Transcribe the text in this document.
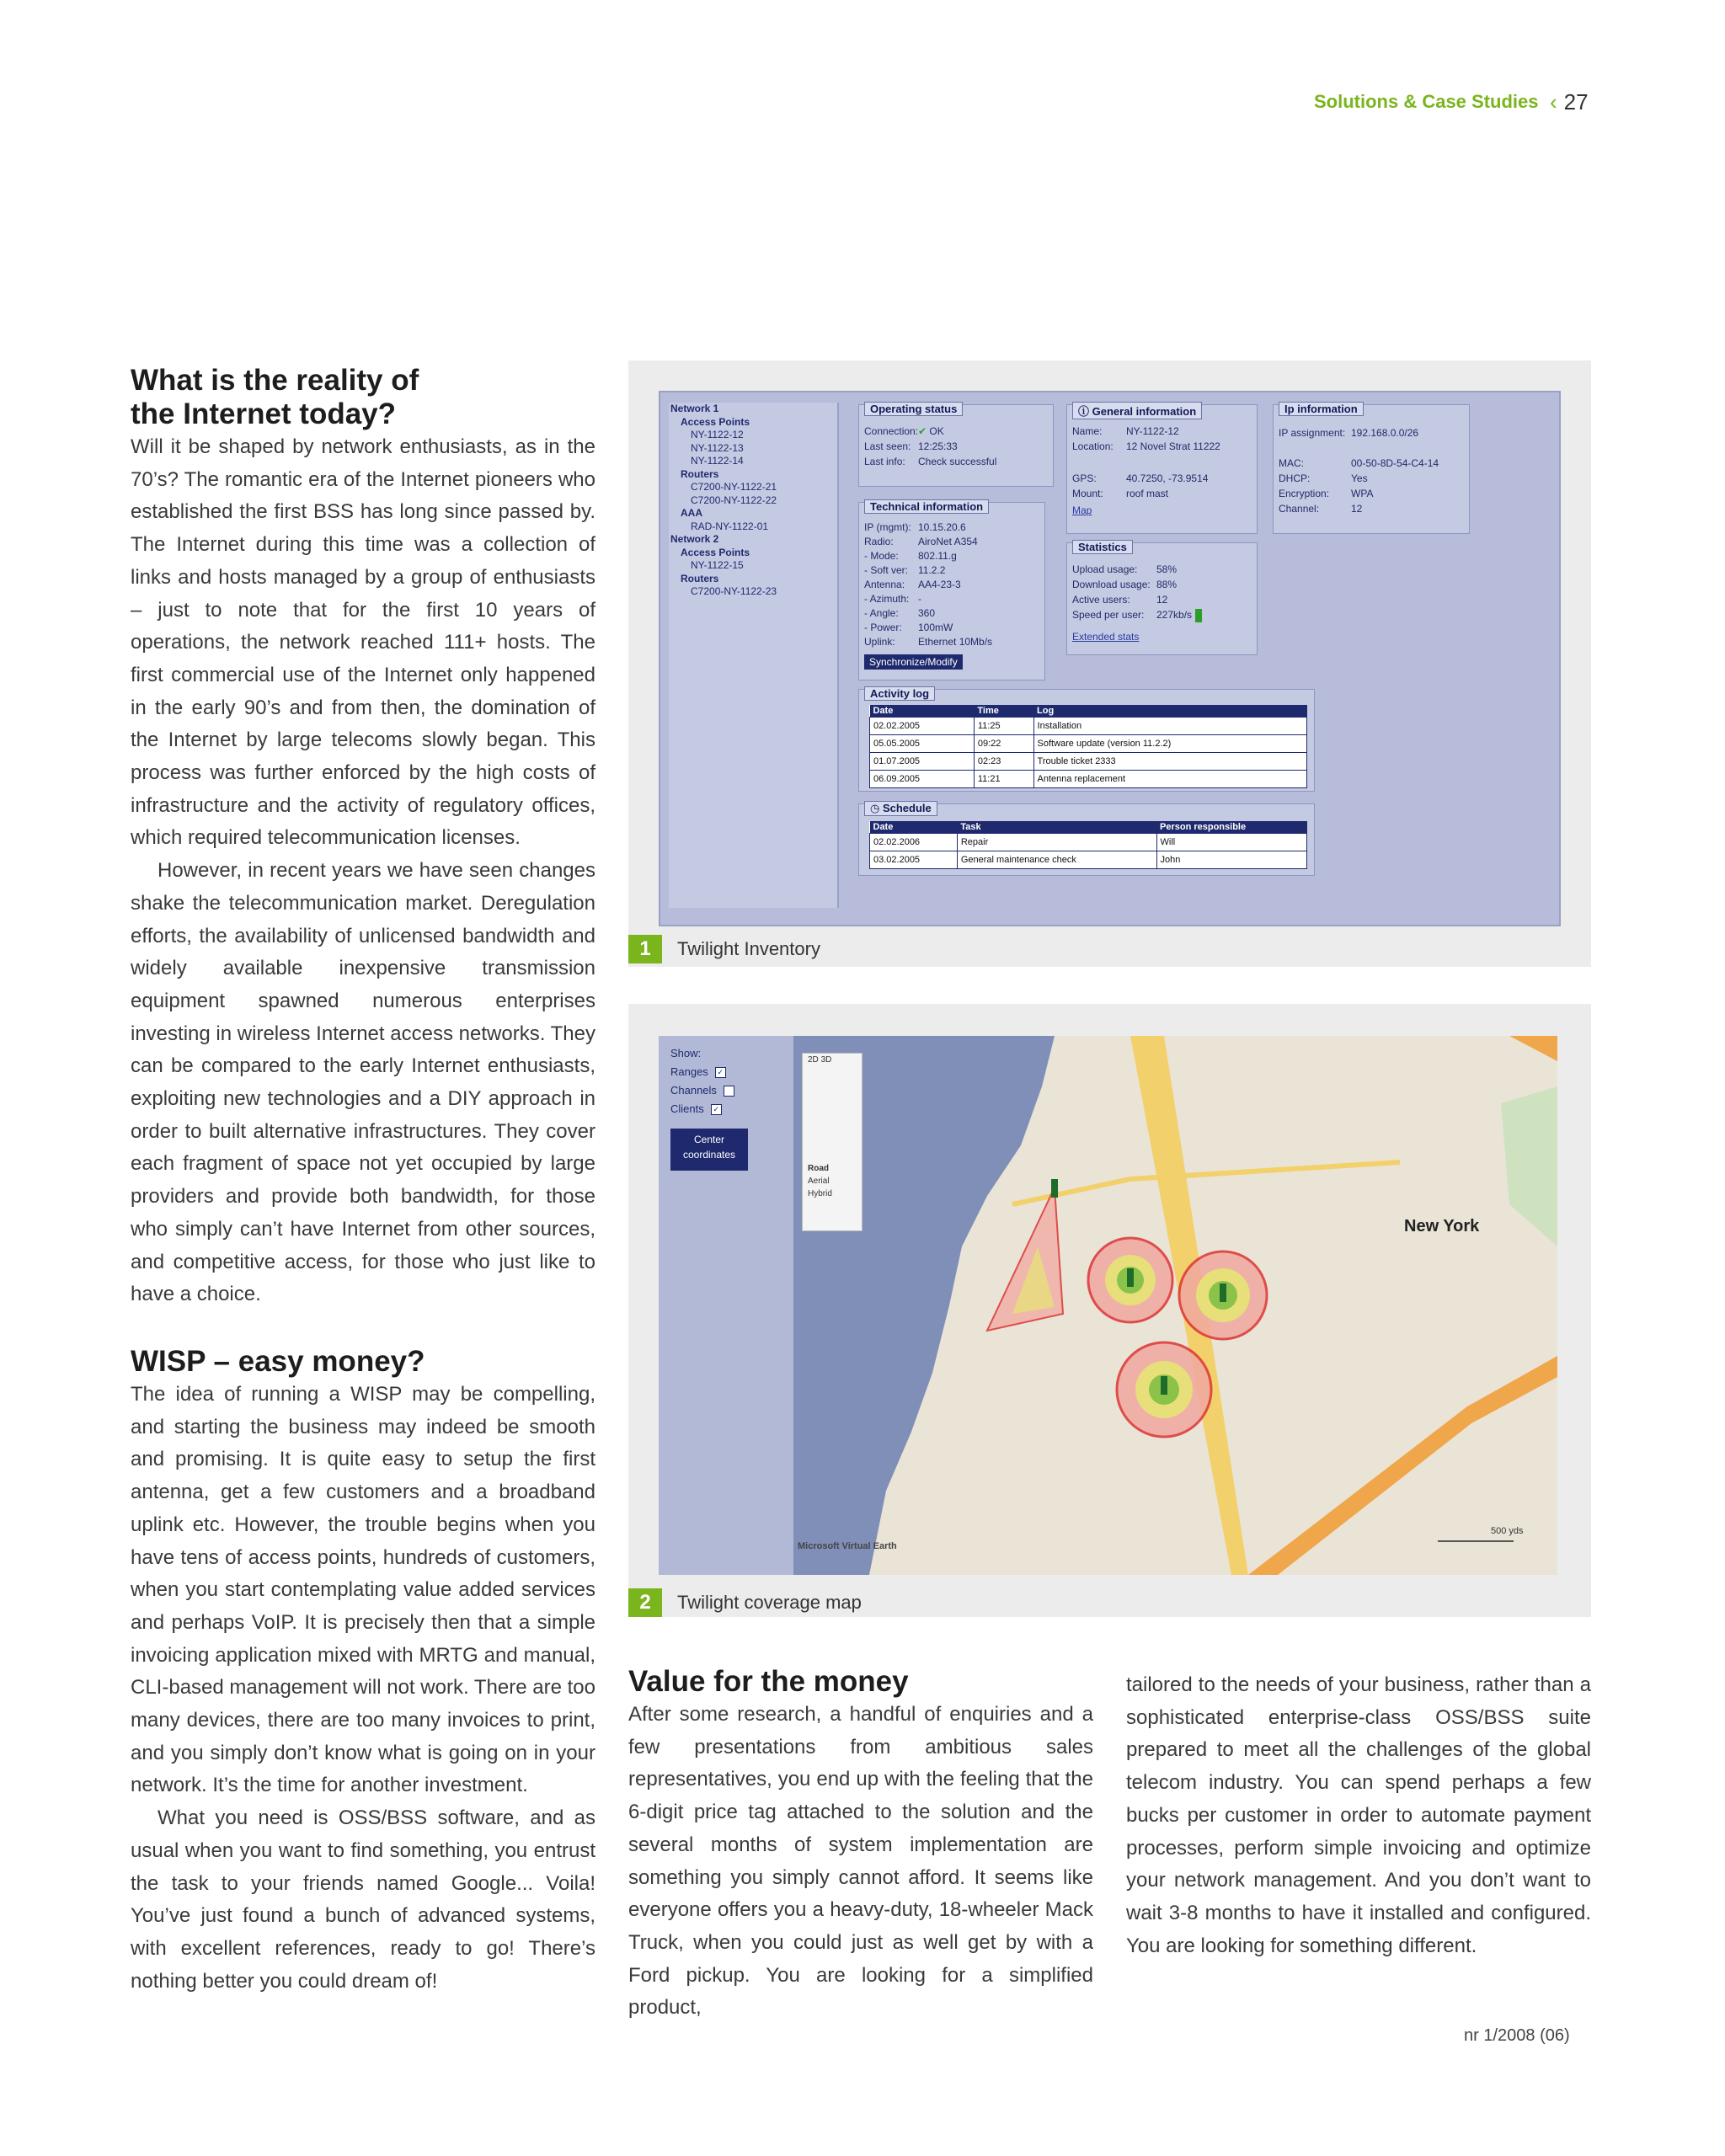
Solutions & Case Studies ‹ 27
What is the reality of the Internet today?

Will it be shaped by network enthusiasts, as in the 70’s? The romantic era of the Internet pioneers who established the first BSS has long since passed by. The Internet during this time was a collection of links and hosts managed by a group of enthusiasts – just to note that for the first 10 years of operations, the network reached 111+ hosts. The first commercial use of the Internet only happened in the early 90’s and from then, the domination of the Internet by large telecoms slowly began. This process was further enforced by the high costs of infrastructure and the activity of regulatory offices, which required telecommunication licenses.

However, in recent years we have seen changes shake the telecommunication market. Deregulation efforts, the availability of unlicensed bandwidth and widely available inexpensive transmission equipment spawned numerous enterprises investing in wireless Internet access networks. They can be compared to the early Internet enthusiasts, exploiting new technologies and a DIY approach in order to built alternative infrastructures. They cover each fragment of space not yet occupied by large providers and provide both bandwidth, for those who simply can’t have Internet from other sources, and competitive access, for those who just like to have a choice.

WISP – easy money?

The idea of running a WISP may be compelling, and starting the business may indeed be smooth and promising. It is quite easy to setup the first antenna, get a few customers and a broadband uplink etc. However, the trouble begins when you have tens of access points, hundreds of customers, when you start contemplating value added services and perhaps VoIP. It is precisely then that a simple invoicing application mixed with MRTG and manual, CLI-based management will not work. There are too many devices, there are too many invoices to print, and you simply don’t know what is going on in your network. It’s the time for another investment.

What you need is OSS/BSS software, and as usual when you want to find something, you entrust the task to your friends named Google... Voila! You’ve just found a bunch of advanced systems, with excellent references, ready to go! There’s nothing better you could dream of!

Value for the money

After some research, a handful of enquiries and a few presentations from ambitious sales representatives, you end up with the feeling that the 6-digit price tag attached to the solution and the several months of system implementation are something you simply cannot afford. It seems like everyone offers you a heavy-duty, 18-wheeler Mack Truck, when you could just as well get by with a Ford pickup. You are looking for a simplified product,

tailored to the needs of your business, rather than a sophisticated enterprise-class OSS/BSS suite prepared to meet all the challenges of the global telecom industry. You can spend perhaps a few bucks per customer in order to automate payment processes, perform simple invoicing and optimize your network management. And you don’t want to wait 3-8 months to have it installed and configured. You are looking for something different.

Network 1
Access Points
NY-1122-12
NY-1122-13
NY-1122-14
Routers
C7200-NY-1122-21
C7200-NY-1122-22
AAA
RAD-NY-1122-01
Network 2
Access Points
NY-1122-15
Routers
C7200-NY-1122-23
Operating status
Connection:✔ OK
Last seen: 12:25:33
Last info: Check successful
ⓘ General information
Name: NY-1122-12
Location: 12 Novel Strat 11222
GPS:	40.7250, -73.9514
Mount: roof mast
Map
Ip information
IP assignment: 192.168.0.0/26
MAC:	00-50-8D-54-C4-14
DHCP:	Yes
Encryption: WPA
Channel:	12
Technical information
IP (mgmt): 10.15.20.6
Radio: AiroNet A354
- Mode: 802.11.g
- Soft ver: 11.2.2
Antenna: AA4-23-3
- Azimuth: -
- Angle: 360
- Power: 100mW
Uplink: Ethernet 10Mb/s
Synchronize/Modify
Statistics
Upload usage: 58%
Download usage: 88%
Active users:	12
Speed per user: 227kb/s
Extended stats
Activity log
Date	Time	Log
02.02.2005	11:25	Installation
05.05.2005	09:22	Software update (version 11.2.2)
01.07.2005	02:23	Trouble ticket 2333
06.09.2005	11:21	Antenna replacement
◷ Schedule
Date	Task	Person responsible
02.02.2006	Repair	Will
03.02.2005	General maintenance check	John
1	Twilight Inventory
Show:
Ranges ✓
Channels
Clients ✓
Center coordinates
2D 3D
Road
Aerial
Hybrid
New York
500 yds
Microsoft Virtual Earth
2	Twilight coverage map
nr 1/2008 (06)
